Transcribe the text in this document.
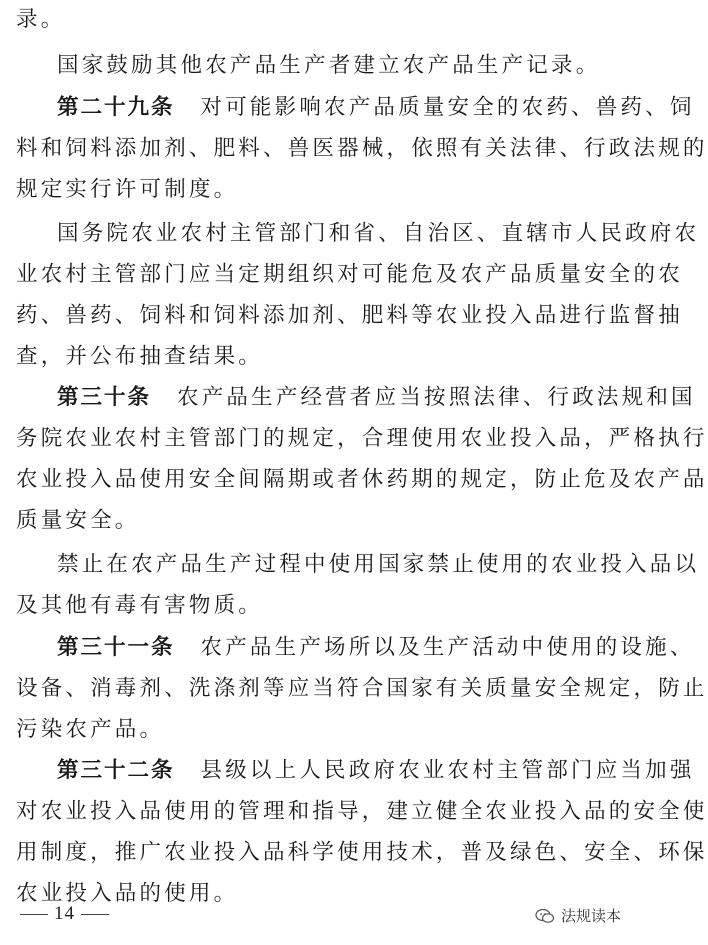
录。
国家鼓励其他农产品生产者建立农产品生产记录。
第二十九条 对可能影响农产品质量安全的农药、兽药、饲
料和饲料添加剂、肥料、兽医器械，依照有关法律、行政法规的
规定实行许可制度。
国务院农业农村主管部门和省、自治区、直辖市人民政府农
业农村主管部门应当定期组织对可能危及农产品质量安全的农
药、兽药、饲料和饲料添加剂、肥料等农业投入品进行监督抽
查，并公布抽查结果。
第三十条 农产品生产经营者应当按照法律、行政法规和国
务院农业农村主管部门的规定，合理使用农业投入品，严格执行
农业投入品使用安全间隔期或者休药期的规定，防止危及农产品
质量安全。
禁止在农产品生产过程中使用国家禁止使用的农业投入品以
及其他有毒有害物质。
第三十一条 农产品生产场所以及生产活动中使用的设施、
设备、消毒剂、洗涤剂等应当符合国家有关质量安全规定，防止
污染农产品。
第三十二条 县级以上人民政府农业农村主管部门应当加强
对农业投入品使用的管理和指导，建立健全农业投入品的安全使
用制度，推广农业投入品科学使用技术，普及绿色、安全、环保
农业投入品的使用。
14	法规读本
